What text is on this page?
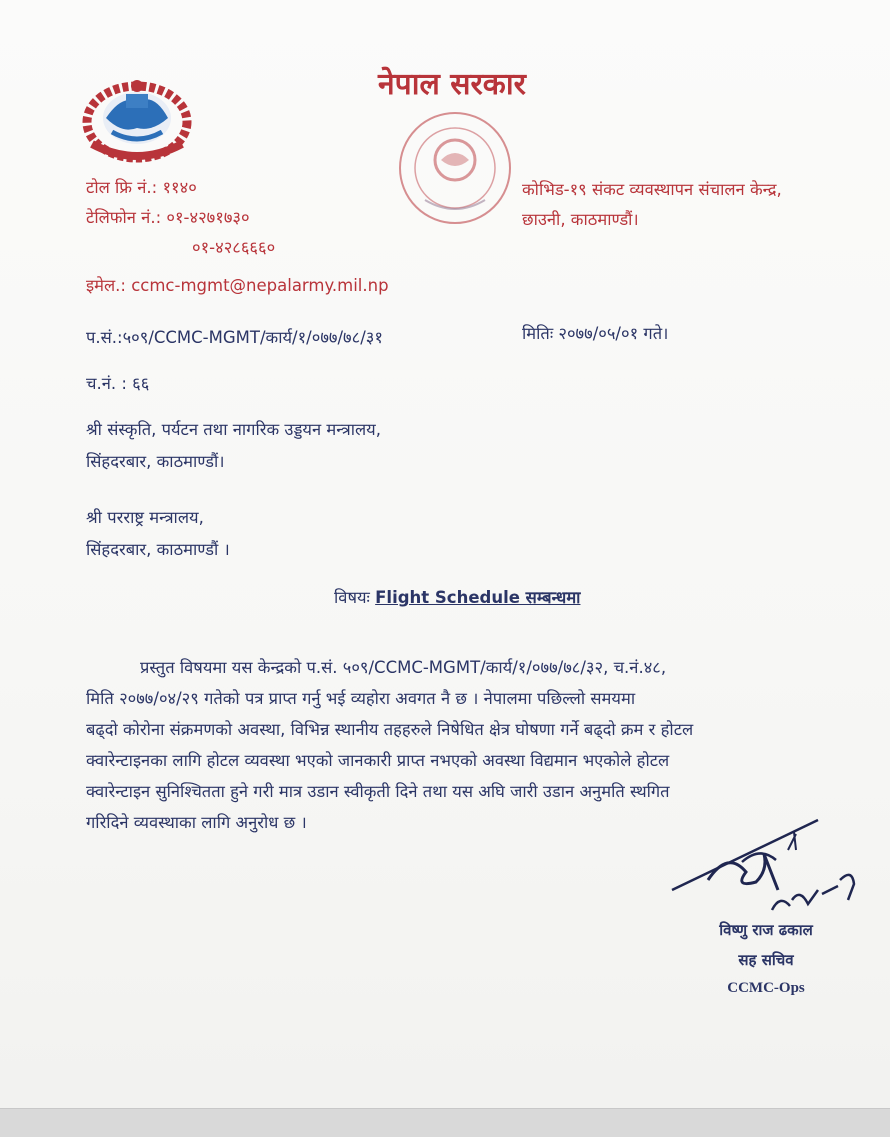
नेपाल सरकार
टोल फ्रि नं.: ११४०
टेलिफोन नं.: ०१-४२७१७३०
०१-४२८६६६०
इमेल.: ccmc-mgmt@nepalarmy.mil.np
कोभिड-१९ संकट व्यवस्थापन संचालन केन्द्र,
छाउनी, काठमाण्डौं।
प.सं.:५०९/CCMC-MGMT/कार्य/१/०७७/७८/३१	मितिः २०७७/०५/०१ गते।
च.नं. : ६६
श्री संस्कृति, पर्यटन तथा नागरिक उड्डयन मन्त्रालय,
सिंहदरबार, काठमाण्डौं।
श्री परराष्ट्र मन्त्रालय,
सिंहदरबार, काठमाण्डौं ।
विषयः Flight Schedule सम्बन्धमा
प्रस्तुत विषयमा यस केन्द्रको प.सं. ५०९/CCMC-MGMT/कार्य/१/०७७/७८/३२, च.नं.४८,
मिति २०७७/०४/२९ गतेको पत्र प्राप्त गर्नु भई व्यहोरा अवगत नै छ । नेपालमा पछिल्लो समयमा
बढ्दो कोरोना संक्रमणको अवस्था, विभिन्न स्थानीय तहहरुले निषेधित क्षेत्र घोषणा गर्ने बढ्दो क्रम र होटल
क्वारेन्टाइनका लागि होटल व्यवस्था भएको जानकारी प्राप्त नभएको अवस्था विद्यमान भएकोले होटल
क्वारेन्टाइन सुनिश्चितता हुने गरी मात्र उडान स्वीकृती दिने तथा यस अघि जारी उडान अनुमति स्थगित
गरिदिने व्यवस्थाका लागि अनुरोध छ ।
विष्णु राज ढकाल
सह सचिव
CCMC-Ops
